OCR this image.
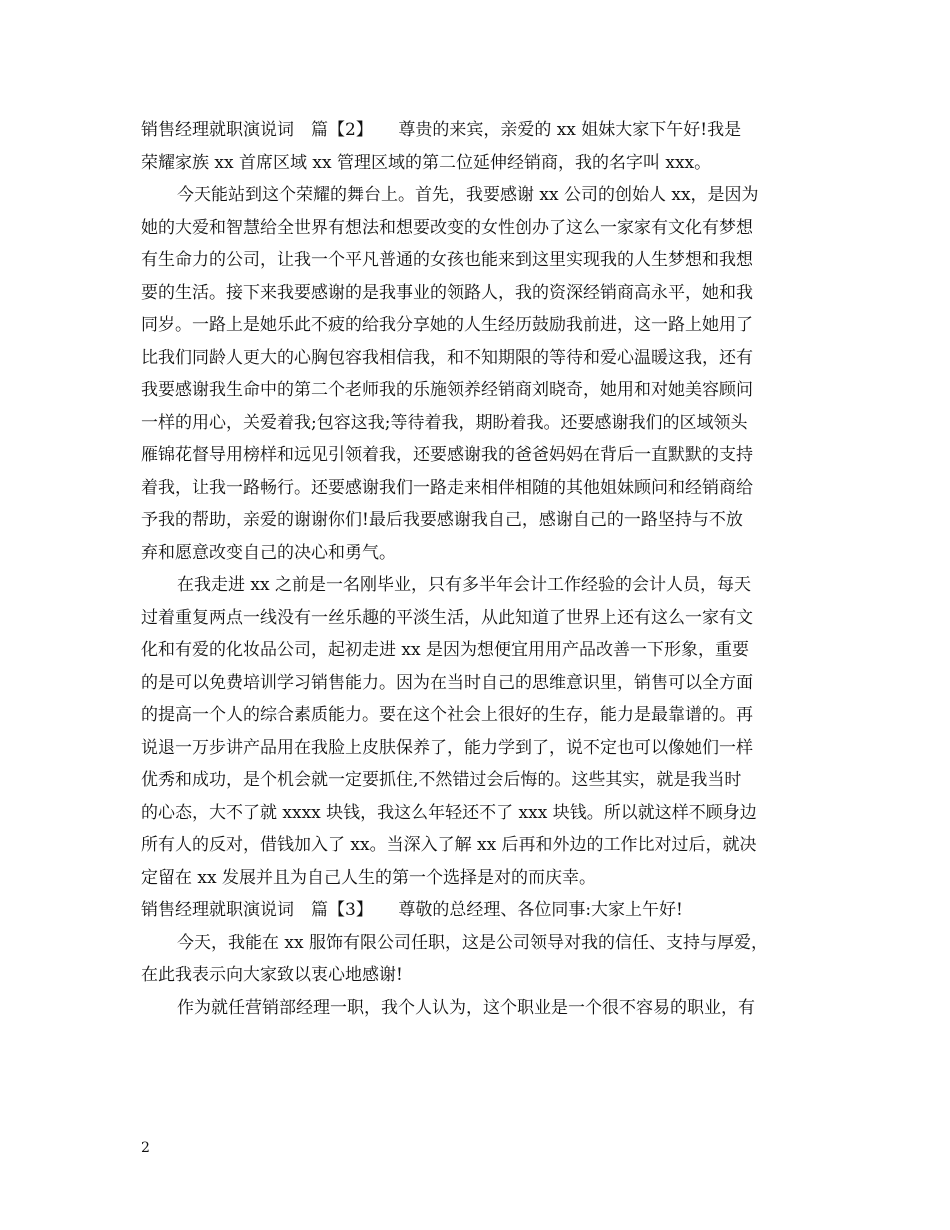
销售经理就职演说词　篇【2】　　尊贵的来宾，亲爱的 xx 姐妹大家下午好!我是
荣耀家族 xx 首席区域 xx 管理区域的第二位延伸经销商，我的名字叫 xxx。
今天能站到这个荣耀的舞台上。首先，我要感谢 xx 公司的创始人 xx，是因为
她的大爱和智慧给全世界有想法和想要改变的女性创办了这么一家家有文化有梦想
有生命力的公司，让我一个平凡普通的女孩也能来到这里实现我的人生梦想和我想
要的生活。接下来我要感谢的是我事业的领路人，我的资深经销商高永平，她和我
同岁。一路上是她乐此不疲的给我分享她的人生经历鼓励我前进，这一路上她用了
比我们同龄人更大的心胸包容我相信我，和不知期限的等待和爱心温暖这我，还有
我要感谢我生命中的第二个老师我的乐施领养经销商刘晓奇，她用和对她美容顾问
一样的用心，关爱着我;包容这我;等待着我，期盼着我。还要感谢我们的区域领头
雁锦花督导用榜样和远见引领着我，还要感谢我的爸爸妈妈在背后一直默默的支持
着我，让我一路畅行。还要感谢我们一路走来相伴相随的其他姐妹顾问和经销商给
予我的帮助，亲爱的谢谢你们!最后我要感谢我自己，感谢自己的一路坚持与不放
弃和愿意改变自己的决心和勇气。
在我走进 xx 之前是一名刚毕业，只有多半年会计工作经验的会计人员，每天
过着重复两点一线没有一丝乐趣的平淡生活，从此知道了世界上还有这么一家有文
化和有爱的化妆品公司，起初走进 xx 是因为想便宜用用产品改善一下形象，重要
的是可以免费培训学习销售能力。因为在当时自己的思维意识里，销售可以全方面
的提高一个人的综合素质能力。要在这个社会上很好的生存，能力是最靠谱的。再
说退一万步讲产品用在我脸上皮肤保养了，能力学到了，说不定也可以像她们一样
优秀和成功，是个机会就一定要抓住,不然错过会后悔的。这些其实，就是我当时
的心态，大不了就 xxxx 块钱，我这么年轻还不了 xxx 块钱。所以就这样不顾身边
所有人的反对，借钱加入了 xx。当深入了解 xx 后再和外边的工作比对过后，就决
定留在 xx 发展并且为自己人生的第一个选择是对的而庆幸。
销售经理就职演说词　篇【3】　　尊敬的总经理、各位同事:大家上午好!
今天，我能在 xx 服饰有限公司任职，这是公司领导对我的信任、支持与厚爱，
在此我表示向大家致以衷心地感谢!
作为就任营销部经理一职，我个人认为，这个职业是一个很不容易的职业，有
2
